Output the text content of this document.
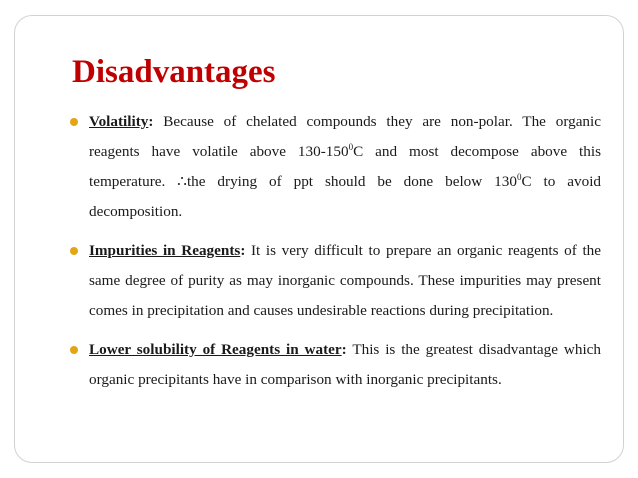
Disadvantages
Volatility: Because of chelated compounds they are non-polar. The organic reagents have volatile above $130-150^0C$ and most decompose above this temperature. ∴the drying of ppt should be done below $130^0C$ to avoid decomposition.
Impurities in Reagents: It is very difficult to prepare an organic reagents of the same degree of purity as may inorganic compounds. These impurities may present comes in precipitation and causes undesirable reactions during precipitation.
Lower solubility of Reagents in water: This is the greatest disadvantage which organic precipitants have in comparison with inorganic precipitants.
